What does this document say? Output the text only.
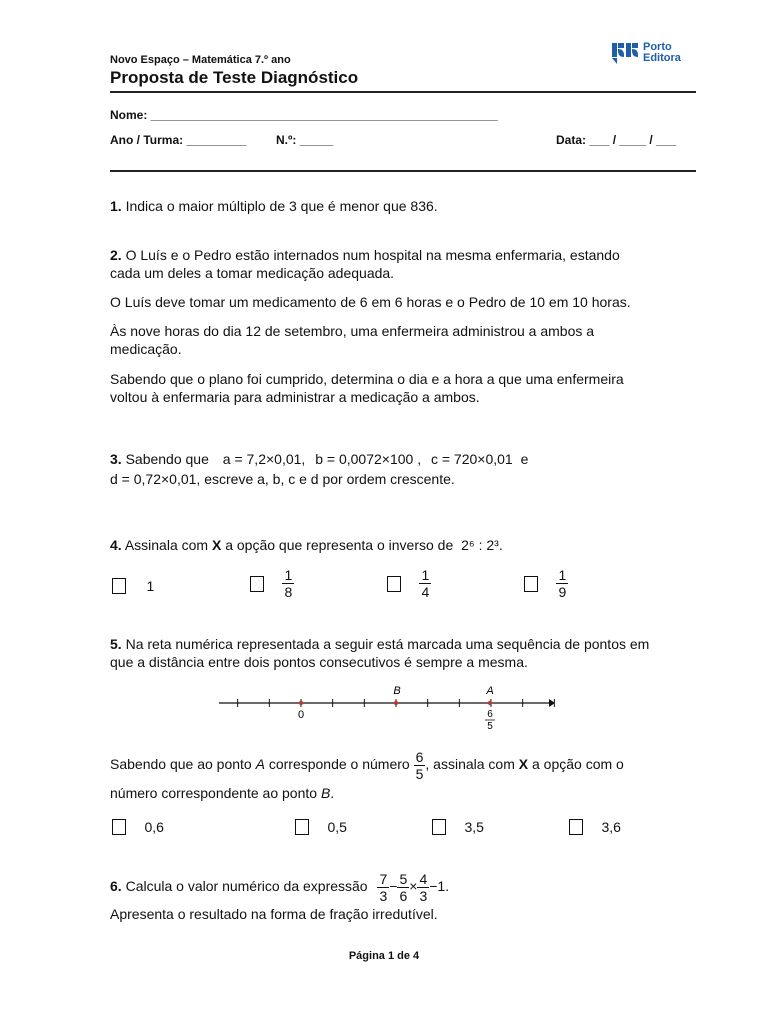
Novo Espaço – Matemática 7.º ano
Proposta de Teste Diagnóstico
Porto
Editora
Nome: ____________________________________________________
Ano / Turma: _________ N.º: _____	Data: ___ / ____ / ___
1. Indica o maior múltiplo de 3 que é menor que 836.
2. O Luís e o Pedro estão internados num hospital na mesma enfermaria, estando cada um deles a tomar medicação adequada.
O Luís deve tomar um medicamento de 6 em 6 horas e o Pedro de 10 em 10 horas.
Às nove horas do dia 12 de setembro, uma enfermeira administrou a ambos a medicação.
Sabendo que o plano foi cumprido, determina o dia e a hora a que uma enfermeira voltou à enfermaria para administrar a medicação a ambos.
3. Sabendo que a = 7,2×0,01, b = 0,0072×100 , c = 720×0,01 e
d = 0,72×0,01, escreve a, b, c e d por ordem crescente.
4. Assinala com X a opção que representa o inverso de 2⁶ : 2³.
1
	$\frac{1}{8}$
	$\frac{1}{4}$
	$\frac{1}{9}$
5. Na reta numérica representada a seguir está marcada uma sequência de pontos em que a distância entre dois pontos consecutivos é sempre a mesma.
B	A
0	6
5
Sabendo que ao ponto A corresponde o número $\frac{6}{5}$ , assinala com X a opção com o
número correspondente ao ponto B.
0,6	0,5	3,5	3,6
6. Calcula o valor numérico da expressão $\frac{7}{3} - \frac{5}{6} \times \frac{4}{3} -1$.
Apresenta o resultado na forma de fração irredutível.
Página 1 de 4
